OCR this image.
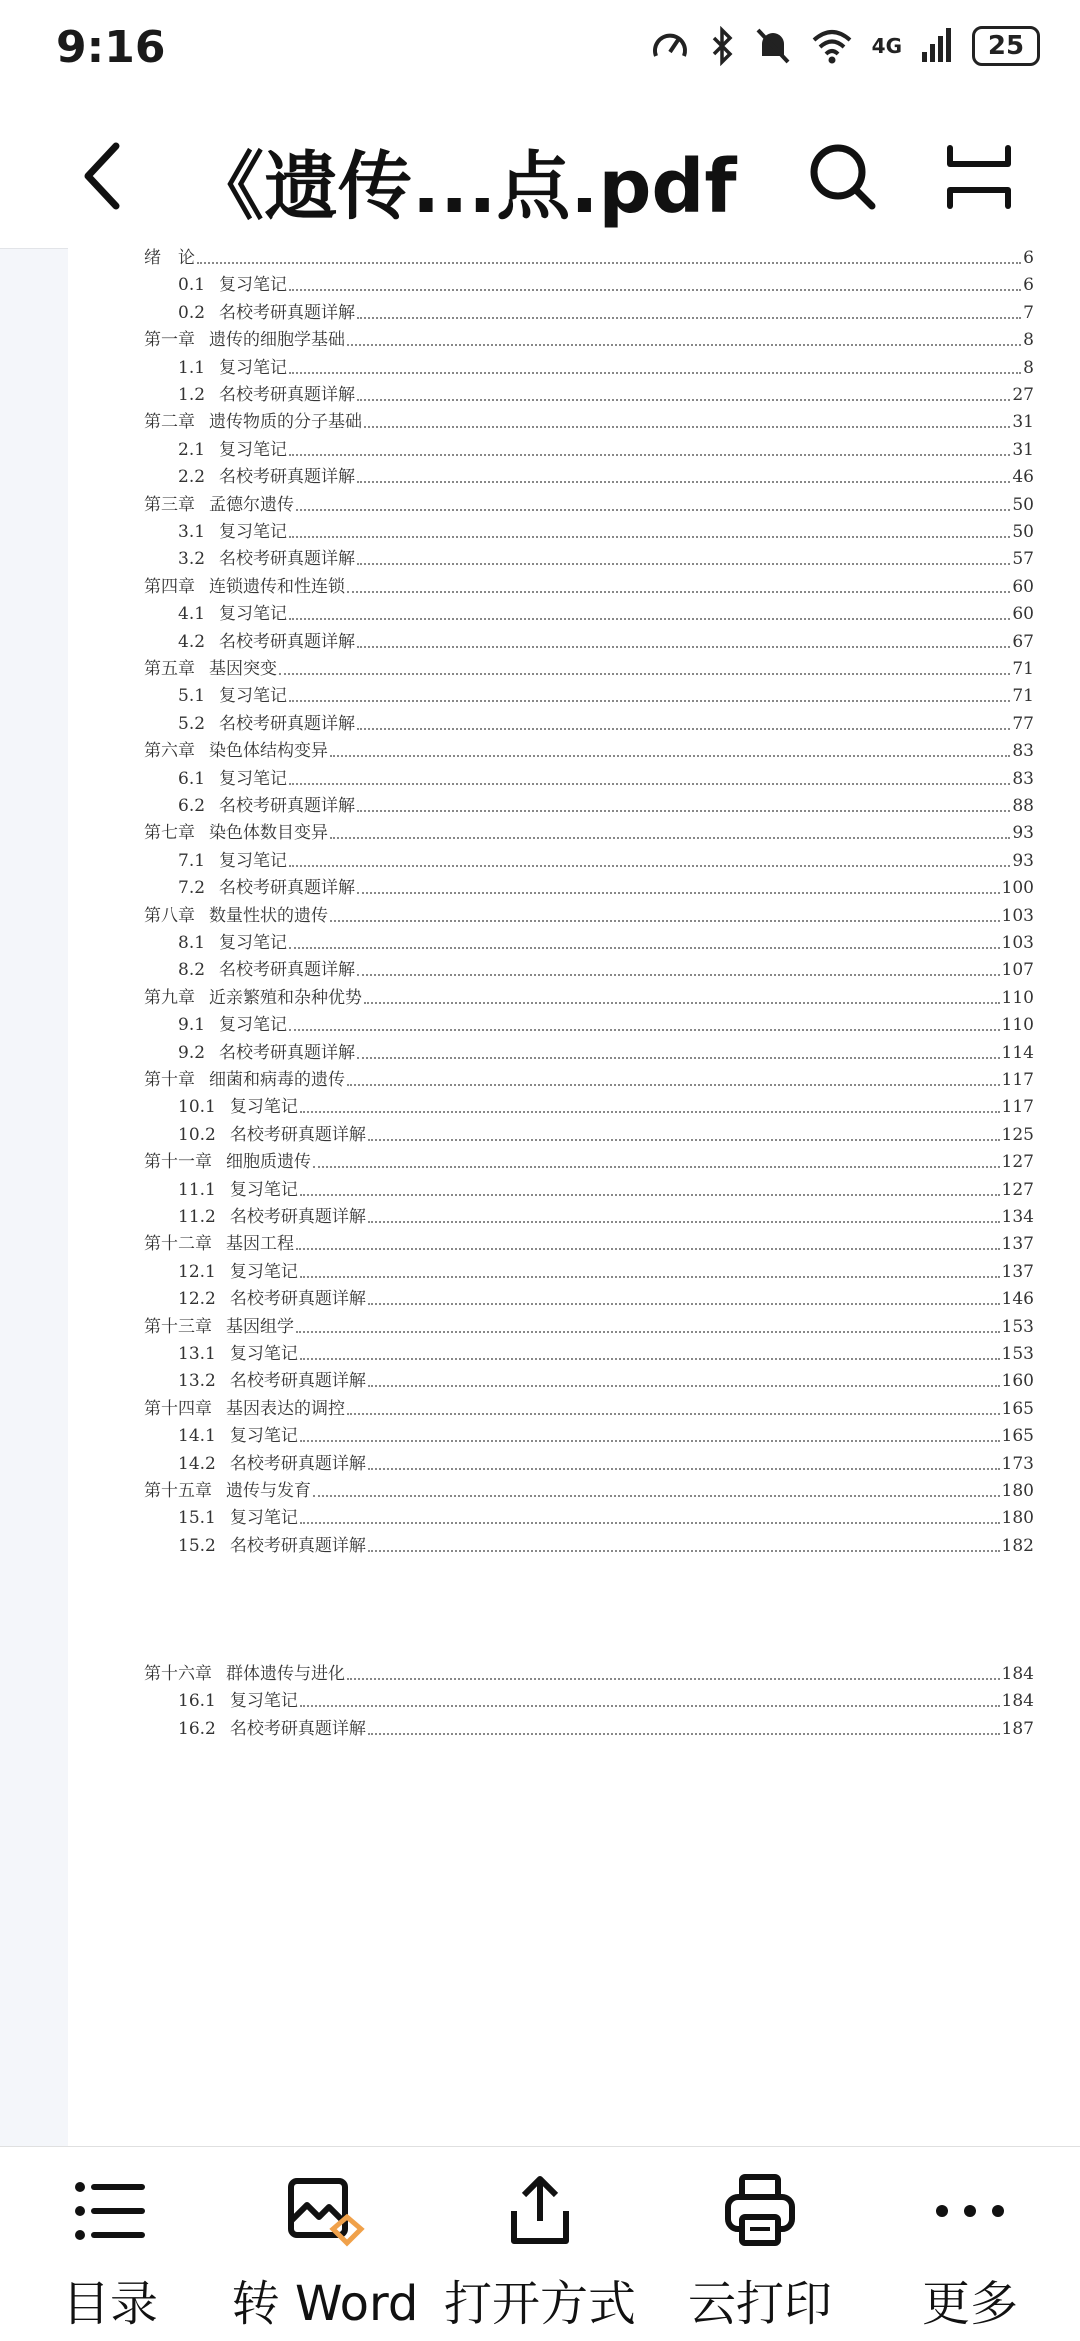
9:16	4G	25
《遗传...点.pdf
绪　论	6
0.1 复习笔记	6
0.2 名校考研真题详解	7
第一章 遗传的细胞学基础	8
1.1 复习笔记	8
1.2 名校考研真题详解	27
第二章 遗传物质的分子基础	31
2.1 复习笔记	31
2.2 名校考研真题详解	46
第三章 孟德尔遗传	50
3.1 复习笔记	50
3.2 名校考研真题详解	57
第四章 连锁遗传和性连锁	60
4.1 复习笔记	60
4.2 名校考研真题详解	67
第五章 基因突变	71
5.1 复习笔记	71
5.2 名校考研真题详解	77
第六章 染色体结构变异	83
6.1 复习笔记	83
6.2 名校考研真题详解	88
第七章 染色体数目变异	93
7.1 复习笔记	93
7.2 名校考研真题详解	100
第八章 数量性状的遗传	103
8.1 复习笔记	103
8.2 名校考研真题详解	107
第九章 近亲繁殖和杂种优势	110
9.1 复习笔记	110
9.2 名校考研真题详解	114
第十章 细菌和病毒的遗传	117
10.1 复习笔记	117
10.2 名校考研真题详解	125
第十一章 细胞质遗传	127
11.1 复习笔记	127
11.2 名校考研真题详解	134
第十二章 基因工程	137
12.1 复习笔记	137
12.2 名校考研真题详解	146
第十三章 基因组学	153
13.1 复习笔记	153
13.2 名校考研真题详解	160
第十四章 基因表达的调控	165
14.1 复习笔记	165
14.2 名校考研真题详解	173
第十五章 遗传与发育	180
15.1 复习笔记	180
15.2 名校考研真题详解	182
第十六章 群体遗传与进化	184
16.1 复习笔记	184
16.2 名校考研真题详解	187
目录 转 Word 打开方式 云打印 更多
